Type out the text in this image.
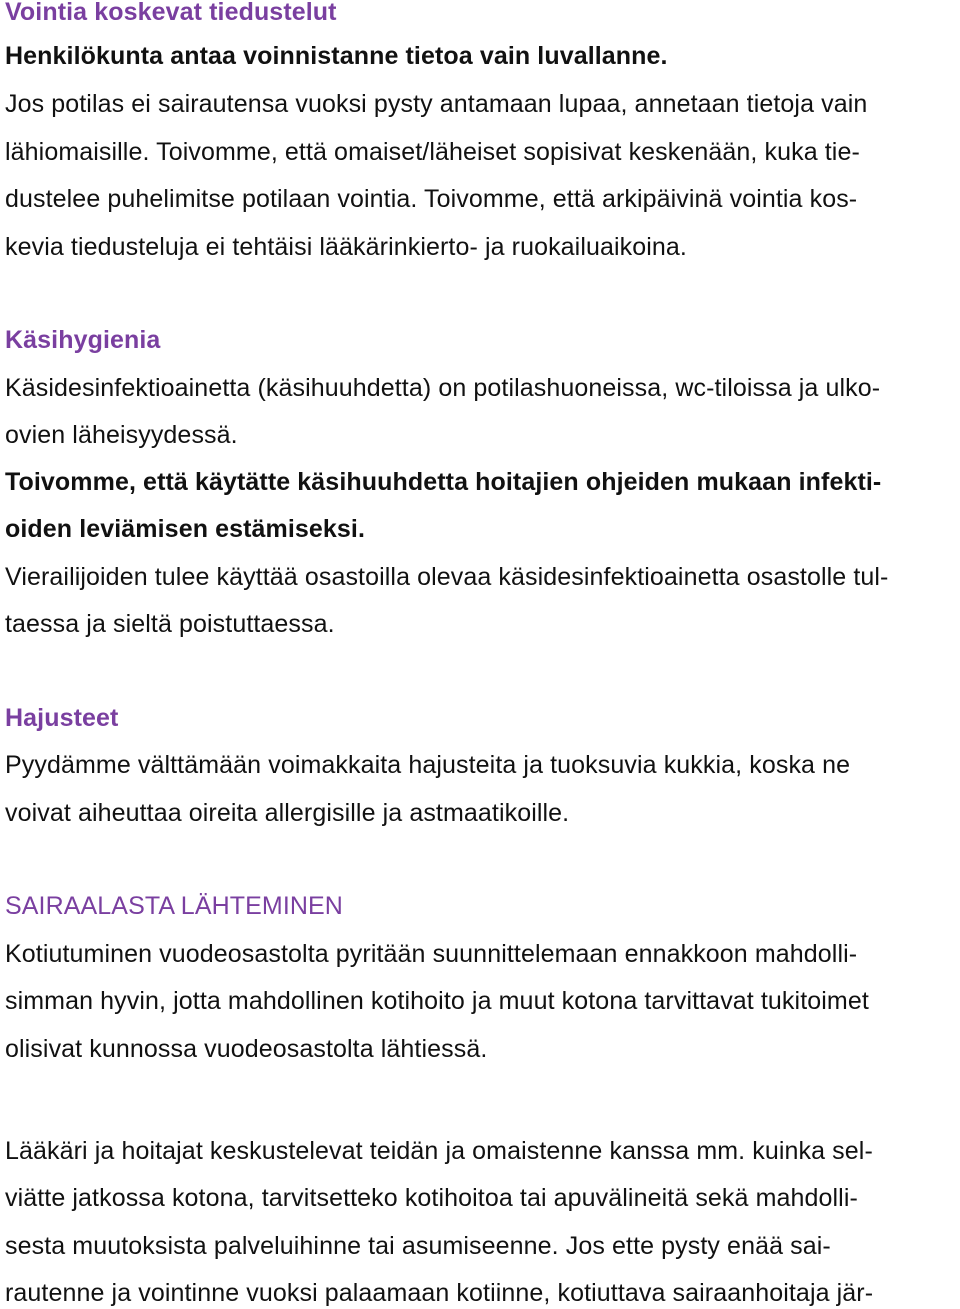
Vointia koskevat tiedustelut
Henkilökunta antaa voinnistanne tietoa vain luvallanne.
Jos potilas ei sairautensa vuoksi pysty antamaan lupaa, annetaan tietoja vain
lähiomaisille. Toivomme, että omaiset/läheiset sopisivat keskenään, kuka tie-
dustelee puhelimitse potilaan vointia. Toivomme, että arkipäivinä vointia kos-
kevia tiedusteluja ei tehtäisi lääkärinkierto- ja ruokailuaikoina.
Käsihygienia
Käsidesinfektioainetta (käsihuuhdetta) on potilashuoneissa, wc-tiloissa ja ulko-
ovien läheisyydessä.
Toivomme, että käytätte käsihuuhdetta hoitajien ohjeiden mukaan infekti-
oiden leviämisen estämiseksi.
Vierailijoiden tulee käyttää osastoilla olevaa käsidesinfektioainetta osastolle tul-
taessa ja sieltä poistuttaessa.
Hajusteet
Pyydämme välttämään voimakkaita hajusteita ja tuoksuvia kukkia, koska ne
voivat aiheuttaa oireita allergisille ja astmaatikoille.
SAIRAALASTA LÄHTEMINEN
Kotiutuminen vuodeosastolta pyritään suunnittelemaan ennakkoon mahdolli-
simman hyvin, jotta mahdollinen kotihoito ja muut kotona tarvittavat tukitoimet
olisivat kunnossa vuodeosastolta lähtiessä.
Lääkäri ja hoitajat keskustelevat teidän ja omaistenne kanssa mm. kuinka sel-
viätte jatkossa kotona, tarvitsetteko kotihoitoa tai apuvälineitä sekä mahdolli-
sesta muutoksista palveluihinne tai asumiseenne. Jos ette pysty enää sai-
rautenne ja vointinne vuoksi palaamaan kotiinne, kotiuttava sairaanhoitaja jär-
